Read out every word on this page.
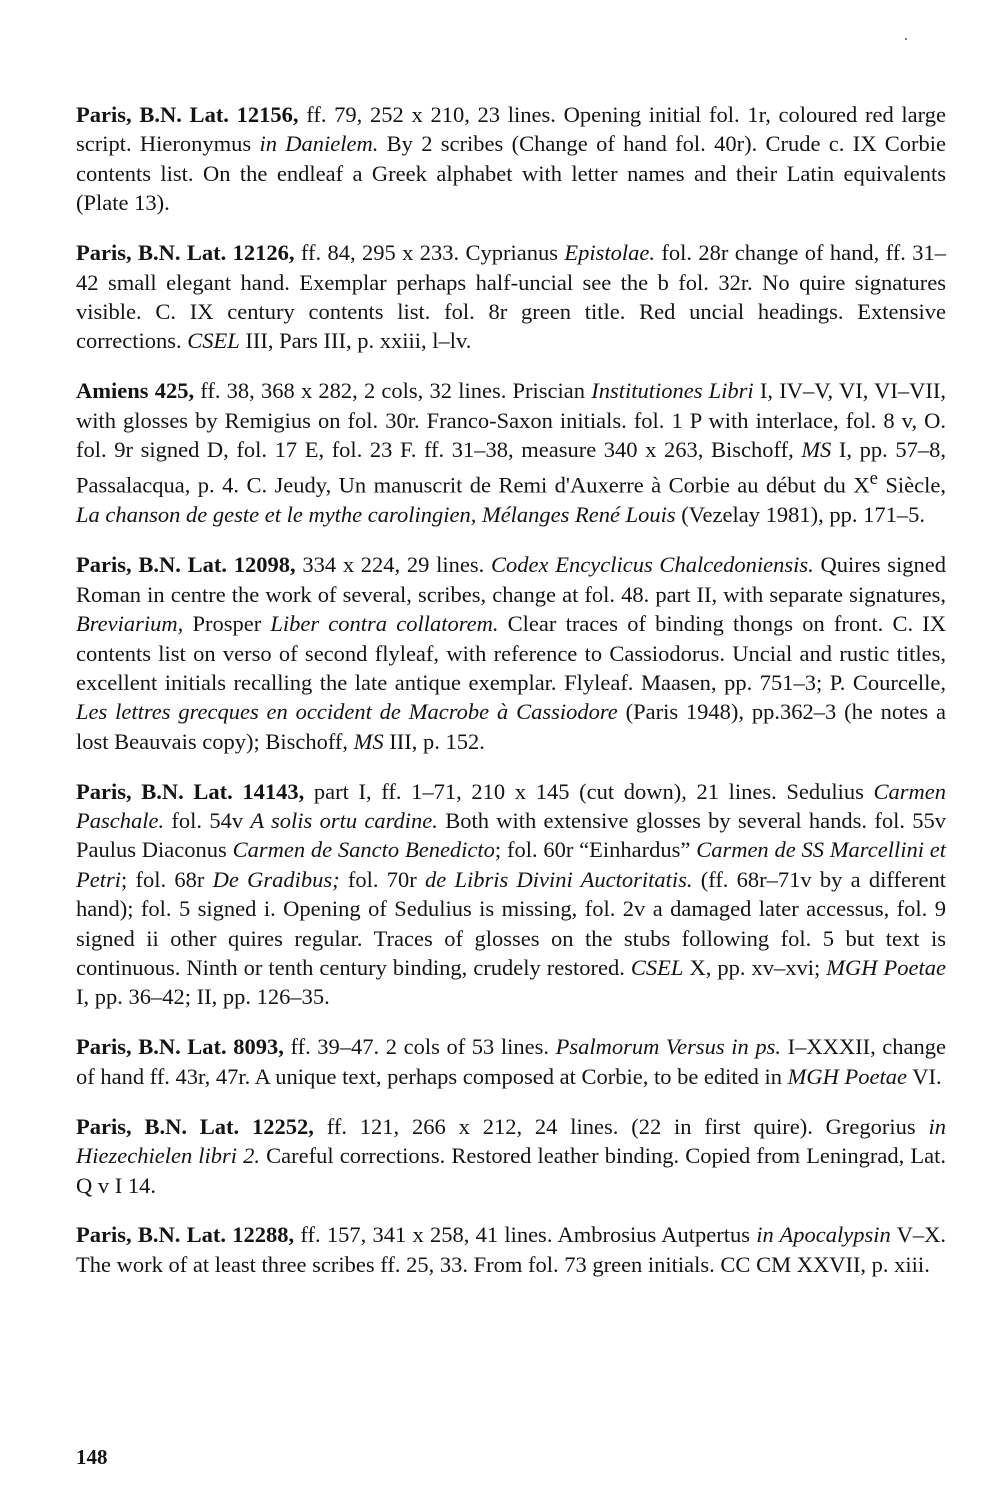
Paris, B.N. Lat. 12156, ff. 79, 252 x 210, 23 lines. Opening initial fol. 1r, coloured red large script. Hieronymus in Danielem. By 2 scribes (Change of hand fol. 40r). Crude c. IX Corbie contents list. On the endleaf a Greek alphabet with letter names and their Latin equivalents (Plate 13).

Paris, B.N. Lat. 12126, ff. 84, 295 x 233. Cyprianus Epistolae. fol. 28r change of hand, ff. 31–42 small elegant hand. Exemplar perhaps half-uncial see the b fol. 32r. No quire signatures visible. C. IX century contents list. fol. 8r green title. Red uncial headings. Extensive corrections. CSEL III, Pars III, p. xxiii, l–lv.

Amiens 425, ff. 38, 368 x 282, 2 cols, 32 lines. Priscian Institutiones Libri I, IV–V, VI, VI–VII, with glosses by Remigius on fol. 30r. Franco-Saxon initials. fol. 1 P with interlace, fol. 8 v, O. fol. 9r signed D, fol. 17 E, fol. 23 F. ff. 31–38, measure 340 x 263, Bischoff, MS I, pp. 57–8, Passalacqua, p. 4. C. Jeudy, Un manuscrit de Remi d'Auxerre à Corbie au début du Xe Siècle, La chanson de geste et le mythe carolingien, Mélanges René Louis (Vezelay 1981), pp. 171–5.

Paris, B.N. Lat. 12098, 334 x 224, 29 lines. Codex Encyclicus Chalcedoniensis. Quires signed Roman in centre the work of several, scribes, change at fol. 48. part II, with separate signatures, Breviarium, Prosper Liber contra collatorem. Clear traces of binding thongs on front. C. IX contents list on verso of second flyleaf, with reference to Cassiodorus. Uncial and rustic titles, excellent initials recalling the late antique exemplar. Flyleaf. Maasen, pp. 751–3; P. Courcelle, Les lettres grecques en occident de Macrobe à Cassiodore (Paris 1948), pp.362–3 (he notes a lost Beauvais copy); Bischoff, MS III, p. 152.

Paris, B.N. Lat. 14143, part I, ff. 1–71, 210 x 145 (cut down), 21 lines. Sedulius Carmen Paschale. fol. 54v A solis ortu cardine. Both with extensive glosses by several hands. fol. 55v Paulus Diaconus Carmen de Sancto Benedicto; fol. 60r “Einhardus” Carmen de SS Marcellini et Petri; fol. 68r De Gradibus; fol. 70r de Libris Divini Auctoritatis. (ff. 68r–71v by a different hand); fol. 5 signed i. Opening of Sedulius is missing, fol. 2v a damaged later accessus, fol. 9 signed ii other quires regular. Traces of glosses on the stubs following fol. 5 but text is continuous. Ninth or tenth century binding, crudely restored. CSEL X, pp. xv–xvi; MGH Poetae I, pp. 36–42; II, pp. 126–35.

Paris, B.N. Lat. 8093, ff. 39–47. 2 cols of 53 lines. Psalmorum Versus in ps. I–XXXII, change of hand ff. 43r, 47r. A unique text, perhaps composed at Corbie, to be edited in MGH Poetae VI.

Paris, B.N. Lat. 12252, ff. 121, 266 x 212, 24 lines. (22 in first quire). Gregorius in Hiezechielen libri 2. Careful corrections. Restored leather binding. Copied from Leningrad, Lat. Q v I 14.

Paris, B.N. Lat. 12288, ff. 157, 341 x 258, 41 lines. Ambrosius Autpertus in Apocalypsin V–X. The work of at least three scribes ff. 25, 33. From fol. 73 green initials. CC CM XXVII, p. xiii.

148
